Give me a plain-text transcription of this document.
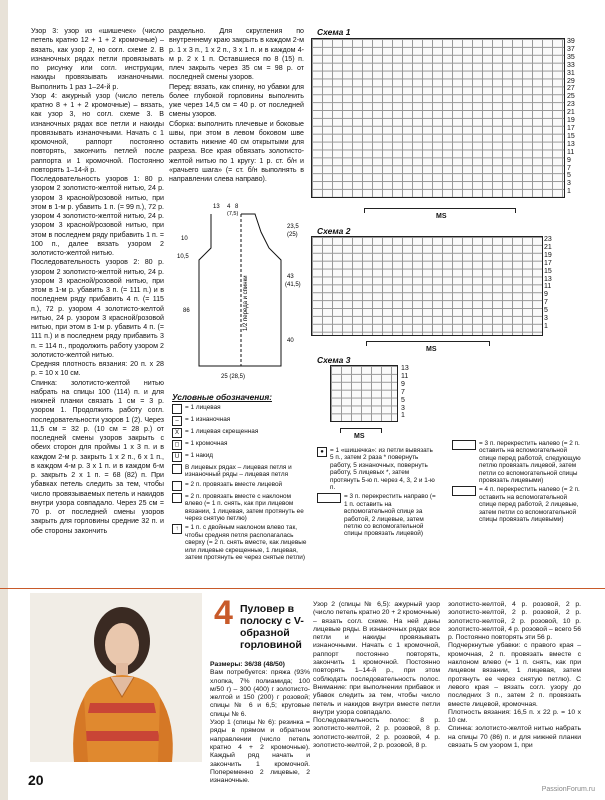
Узор 3: узор из «шишечек» (число петель кратно 12 + 1 + 2 кромочные) – вязать, как узор 2, но согл. схеме 2. В изнаночных рядах петли провязывать по рисунку или согл. инструкции, накиды провязывать изнаночными. Выполнить 1 раз 1–24-й р.

Узор 4: ажурный узор (число петель кратно 8 + 1 + 2 кромочные) – вязать, как узор 3, но согл. схеме 3. В изнаночных рядах все петли и накиды провязывать изнаночными. Начать с 1 кромочной, раппорт постоянно повторять, закончить петлей после раппорта и 1 кромочной. Постоянно повторять 1–14-й р.

Последовательность узоров 1: 80 р. узором 2 золотисто-желтой нитью, 24 р. узором 3 красной/розовой нитью, при этом в 1-м р. убавить 1 п. (= 99 п.), 72 р. узором 4 золотисто-желтой нитью, 24 р. узором 3 красной/розовой нитью, при этом в последнем ряду прибавить 1 п. = 100 п., далее вязать узором 2 золотисто-желтой нитью.

Последовательность узоров 2: 80 р. узором 2 золотисто-желтой нитью, 24 р. узором 3 красной/розовой нитью, при этом в 1-м р. убавить 3 п. (= 111 п.) и в последнем ряду прибавить 4 п. (= 115 п.), 72 р. узором 4 золотисто-желтой нитью, 24 р. узором 3 красной/розовой нитью, при этом в 1-м р. убавить 4 п. (= 111 п.) и в последнем ряду прибавить 3 п. = 114 п., продолжить работу узором 2 золотисто-желтой нитью.

Средняя плотность вязания: 20 п. x 28 р. = 10 x 10 см.

Спинка: золотисто-желтой нитью набрать на спицы 100 (114) п. и для нижней планки связать 1 см = 3 р. узором 1. Продолжить работу согл. последовательности узоров 1 (2). Через 11,5 см = 32 р. (10 см = 28 р.) от последней смены узоров закрыть с обеих сторон для проймы 1 x 3 п. и в каждом 2-м р. закрыть 1 x 2 п., 6 x 1 п., в каждом 4-м р. 3 x 1 п. и в каждом 6-м р. закрыть 2 x 1 п. = 68 (82) п. При убавках петель следить за тем, чтобы число провязываемых петель и накидов внутри узора совпадало. Через 25 см = 70 р. от последней смены узоров закрыть для горловины средние 32 п. и обе стороны закончить

раздельно. Для скругления по внутреннему краю закрыть в каждом 2-м р. 1 x 3 п., 1 x 2 п., 3 x 1 п. и в каждом 4-м р. 2 x 1 п. Оставшиеся по 8 (15) п. плеч закрыть через 35 см = 98 р. от последней смены узоров.

Перед: вязать, как спинку, но убавки для более глубокой горловины выполнить уже через 14,5 см = 40 р. от последней смены узоров.

Сборка: выполнить плечевые и боковые швы, при этом в левом боковом шве оставить нижние 40 см открытыми для разреза. Все края обвязать золотисто-желтой нитью по 1 кругу: 1 р. ст. б/н и «рачьего шага» (= ст. б/н выполнять в направлении слева направо).

13 4 8
(7,5)
10
10,5
23,5
(25)
43
(41,5)
86
40
25 (28,5)
1/2 переда и спинки
Условные обозначения:
= 1 лицевая
– = 1 изнаночная
X = 1 лицевая скрещенная
◻ = 1 кромочная
U = 1 накид
В лицевых рядах – лицевая петля и изнаночный ряды – лицевая петля
= 2 п. провязать вместе лицевой
= 2 п. провязать вместе с наклоном влево (= 1 п. снять, как при лицевом вязании, 1 лицевая, затем протянуть ее через снятую петлю)
↑	= 1 п. с двойным наклоном влево так, чтобы средняя петля располагалась сверху (= 2 п. снять вместе, как лицевые или лицевые скрещенные, 1 лицевая, затем протянуть ее через снятые петли)
● = 1 «шишечка»: из петли вывязать 5 п., затем 2 раза * повернуть работу, 5 изнаночных, повернуть работу, 5 лицевых *, затем протянуть 5-ю п. через 4, 3, 2 и 1-ю п.
= 3 п. перекрестить направо (= 1 п. оставить на вспомогательной спице за работой, 2 лицевые, затем петлю со вспомогательной спицы провязать лицевой)
= 3 п. перекрестить налево (= 2 п. оставить на вспомогательной спице перед работой, следующую петлю провязать лицевой, затем петли со вспомогательной спицы провязать лицевыми)
= 4 п. перекрестить налево (= 2 п. оставить на вспомогательной спице перед работой, 2 лицевые, затем петли со вспомогательной спицы провязать лицевыми)
Схема 1
39
37
35
33
31
29
27
25
23
21
19
17
15
13
11
9
7
5
3
1
MS
Схема 2
23
21
19
17
15
13
11
9
7
5
3
1
MS
Схема 3
13
11
9
7
5
3
1
MS
4 Пуловер в полоску с V-образной горловиной

Размеры: 36/38 (48/50)

Вам потребуется: пряжа (93% хлопка, 7% полиамида; 100 м/50 г) – 300 (400) г золотисто-желтой и 150 (200) г розовой; спицы № 6 и 6,5; круговые спицы № 6.

Узор 1 (спицы № 6): резинка = ряды в прямом и обратном направлении (число петель кратно 4 + 2 кромочные). Каждый ряд начать и закончить 1 кромочной. Попеременно 2 лицевые, 2 изнаночные.

Узор 2 (спицы № 6,5): ажурный узор (число петель кратно 20 + 2 кромочные) – вязать согл. схеме. На ней даны лицевые ряды. В изнаночных рядах все петли и накиды провязывать изнаночными. Начать с 1 кромочной, раппорт постоянно повторять, закончить 1 кромочной. Постоянно повторять 1–14-й р., при этом соблюдать последовательность полос. Внимание: при выполнении прибавок и убавок следить за тем, чтобы число петель и накидов внутри вместе петли внутри узора совпадало.

Последовательность полос: 8 р. золотисто-желтой, 2 р. розовой, 8 р. золотисто-желтой, 2 р. розовой, 4 р. золотисто-желтой, 2 р. розовой, 8 р.

золотисто-желтой, 4 р. розовой, 2 р. золотисто-желтой, 2 р. розовой, 2 р. золотисто-желтой, 2 р. розовой, 10 р. золотисто-желтой, 4 р. розовой – всего 56 р. Постоянно повторять эти 56 р.

Подчеркнутые убавки: с правого края – кромочная, 2 п. провязать вместе с наклоном влево (= 1 п. снять, как при лицевом вязании, 1 лицевая, затем протянуть ее через снятую петлю). С левого края – вязать согл. узору до последних 3 п., затем 2 п. провязать вместе лицевой, кромочная.

Плотность вязания: 16,5 п. x 22 р. = 10 x 10 см.

Спинка: золотисто-желтой нитью набрать на спицы 70 (86) п. и для нижней планки связать 5 см узором 1, при

20
PassionForum.ru
